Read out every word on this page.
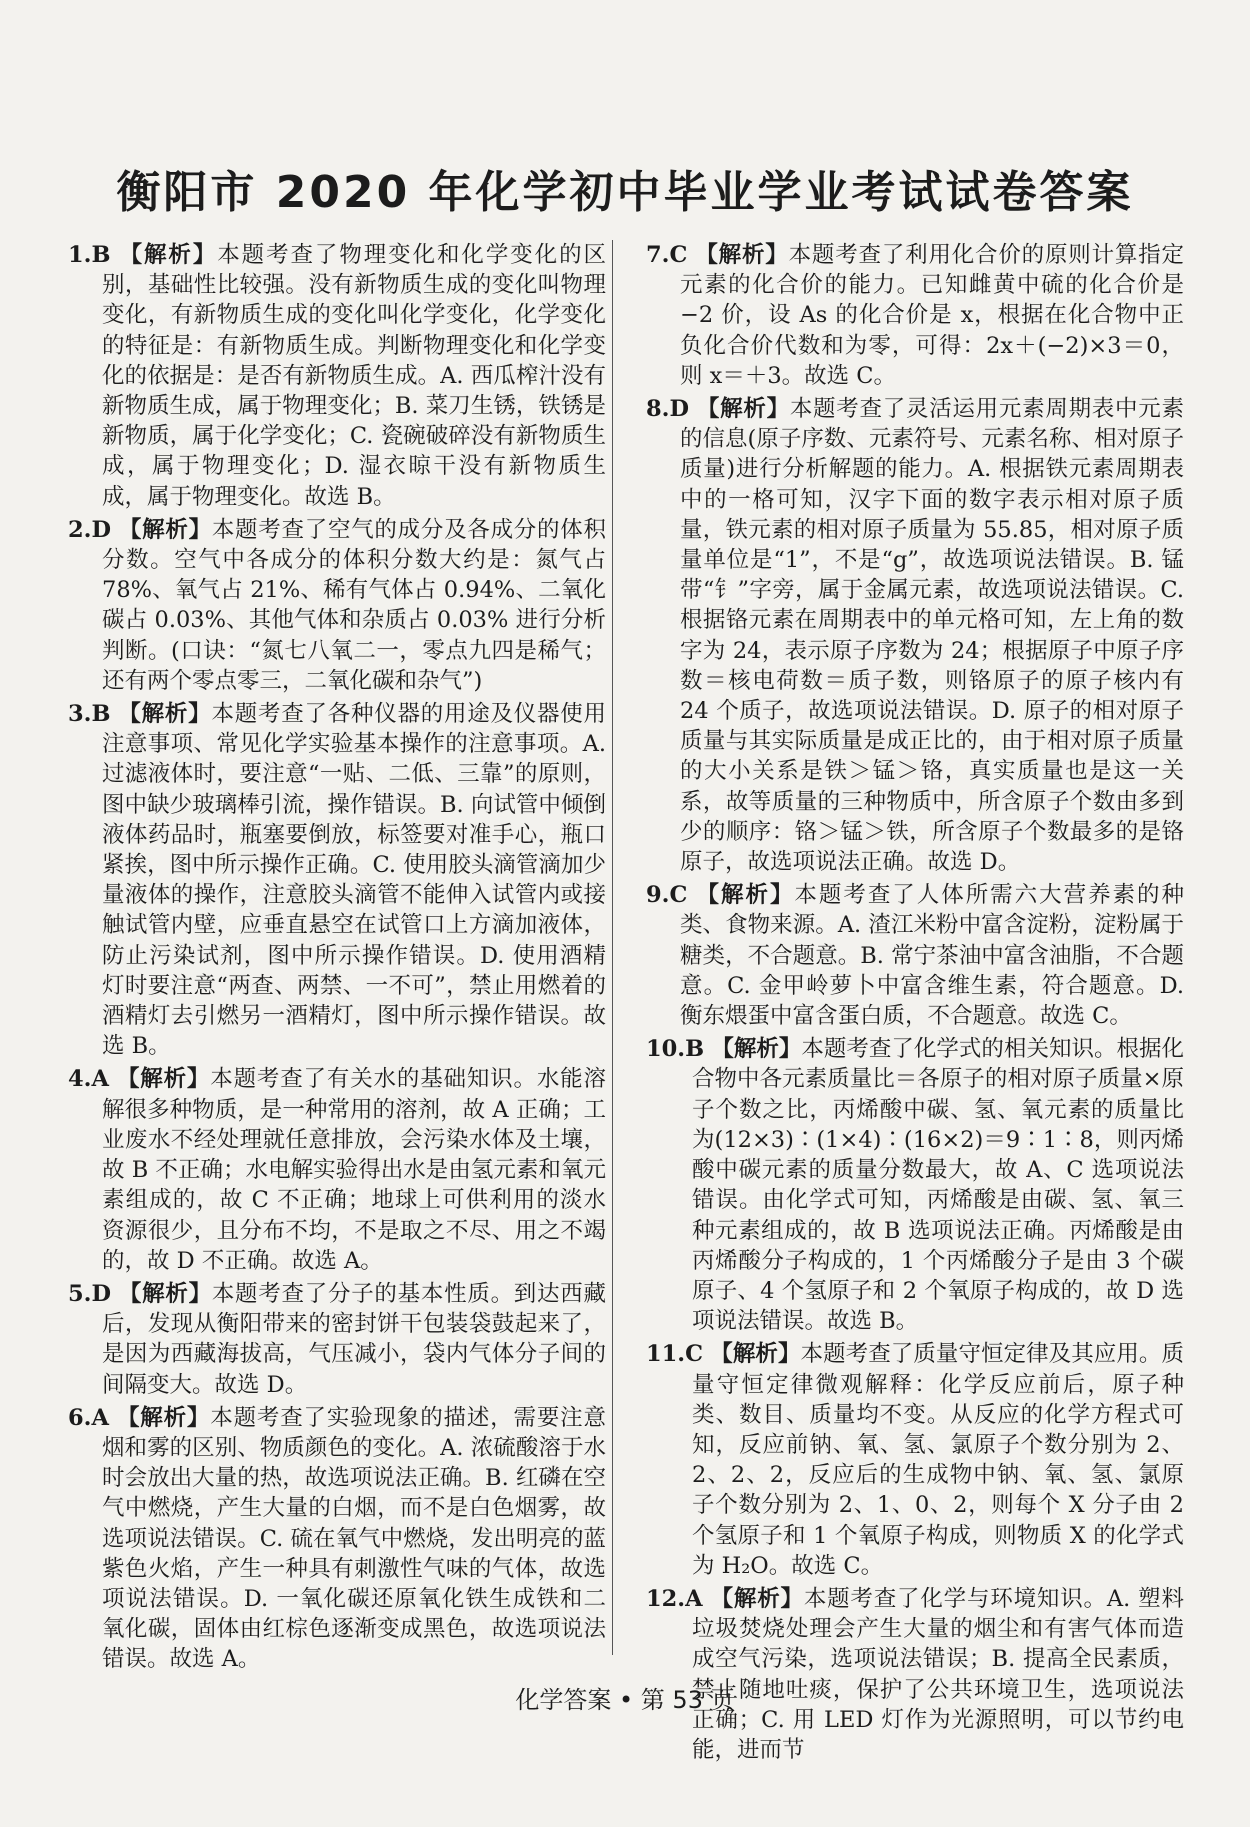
衡阳市 2020 年化学初中毕业学业考试试卷答案

1.B 【解析】本题考查了物理变化和化学变化的区别，基础性比较强。没有新物质生成的变化叫物理变化，有新物质生成的变化叫化学变化，化学变化的特征是：有新物质生成。判断物理变化和化学变化的依据是：是否有新物质生成。A. 西瓜榨汁没有新物质生成，属于物理变化；B. 菜刀生锈，铁锈是新物质，属于化学变化；C. 瓷碗破碎没有新物质生成，属于物理变化；D. 湿衣晾干没有新物质生成，属于物理变化。故选 B。

2.D 【解析】本题考查了空气的成分及各成分的体积分数。空气中各成分的体积分数大约是：氮气占 78%、氧气占 21%、稀有气体占 0.94%、二氧化碳占 0.03%、其他气体和杂质占 0.03% 进行分析判断。(口诀：“氮七八氧二一，零点九四是稀气；还有两个零点零三，二氧化碳和杂气”)

3.B 【解析】本题考查了各种仪器的用途及仪器使用注意事项、常见化学实验基本操作的注意事项。A. 过滤液体时，要注意“一贴、二低、三靠”的原则，图中缺少玻璃棒引流，操作错误。B. 向试管中倾倒液体药品时，瓶塞要倒放，标签要对准手心，瓶口紧挨，图中所示操作正确。C. 使用胶头滴管滴加少量液体的操作，注意胶头滴管不能伸入试管内或接触试管内壁，应垂直悬空在试管口上方滴加液体，防止污染试剂，图中所示操作错误。D. 使用酒精灯时要注意“两查、两禁、一不可”，禁止用燃着的酒精灯去引燃另一酒精灯，图中所示操作错误。故选 B。

4.A 【解析】本题考查了有关水的基础知识。水能溶解很多种物质，是一种常用的溶剂，故 A 正确；工业废水不经处理就任意排放，会污染水体及土壤，故 B 不正确；水电解实验得出水是由氢元素和氧元素组成的，故 C 不正确；地球上可供利用的淡水资源很少，且分布不均，不是取之不尽、用之不竭的，故 D 不正确。故选 A。

5.D 【解析】本题考查了分子的基本性质。到达西藏后，发现从衡阳带来的密封饼干包装袋鼓起来了，是因为西藏海拔高，气压减小，袋内气体分子间的间隔变大。故选 D。

6.A 【解析】本题考查了实验现象的描述，需要注意烟和雾的区别、物质颜色的变化。A. 浓硫酸溶于水时会放出大量的热，故选项说法正确。B. 红磷在空气中燃烧，产生大量的白烟，而不是白色烟雾，故选项说法错误。C. 硫在氧气中燃烧，发出明亮的蓝紫色火焰，产生一种具有刺激性气味的气体，故选项说法错误。D. 一氧化碳还原氧化铁生成铁和二氧化碳，固体由红棕色逐渐变成黑色，故选项说法错误。故选 A。

7.C 【解析】本题考查了利用化合价的原则计算指定元素的化合价的能力。已知雌黄中硫的化合价是 −2 价，设 As 的化合价是 x，根据在化合物中正负化合价代数和为零，可得：2x＋(−2)×3＝0，则 x＝＋3。故选 C。

8.D 【解析】本题考查了灵活运用元素周期表中元素的信息(原子序数、元素符号、元素名称、相对原子质量)进行分析解题的能力。A. 根据铁元素周期表中的一格可知，汉字下面的数字表示相对原子质量，铁元素的相对原子质量为 55.85，相对原子质量单位是“1”，不是“g”，故选项说法错误。B. 锰带“钅”字旁，属于金属元素，故选项说法错误。C. 根据铬元素在周期表中的单元格可知，左上角的数字为 24，表示原子序数为 24；根据原子中原子序数＝核电荷数＝质子数，则铬原子的原子核内有 24 个质子，故选项说法错误。D. 原子的相对原子质量与其实际质量是成正比的，由于相对原子质量的大小关系是铁＞锰＞铬，真实质量也是这一关系，故等质量的三种物质中，所含原子个数由多到少的顺序：铬＞锰＞铁，所含原子个数最多的是铬原子，故选项说法正确。故选 D。

9.C 【解析】本题考查了人体所需六大营养素的种类、食物来源。A. 渣江米粉中富含淀粉，淀粉属于糖类，不合题意。B. 常宁茶油中富含油脂，不合题意。C. 金甲岭萝卜中富含维生素，符合题意。D. 衡东煨蛋中富含蛋白质，不合题意。故选 C。

10.B 【解析】本题考查了化学式的相关知识。根据化合物中各元素质量比＝各原子的相对原子质量×原子个数之比，丙烯酸中碳、氢、氧元素的质量比为(12×3)∶(1×4)∶(16×2)＝9∶1∶8，则丙烯酸中碳元素的质量分数最大，故 A、C 选项说法错误。由化学式可知，丙烯酸是由碳、氢、氧三种元素组成的，故 B 选项说法正确。丙烯酸是由丙烯酸分子构成的，1 个丙烯酸分子是由 3 个碳原子、4 个氢原子和 2 个氧原子构成的，故 D 选项说法错误。故选 B。

11.C 【解析】本题考查了质量守恒定律及其应用。质量守恒定律微观解释：化学反应前后，原子种类、数目、质量均不变。从反应的化学方程式可知，反应前钠、氧、氢、氯原子个数分别为 2、2、2、2，反应后的生成物中钠、氧、氢、氯原子个数分别为 2、1、0、2，则每个 X 分子由 2 个氢原子和 1 个氧原子构成，则物质 X 的化学式为 H₂O。故选 C。

12.A 【解析】本题考查了化学与环境知识。A. 塑料垃圾焚烧处理会产生大量的烟尘和有害气体而造成空气污染，选项说法错误；B. 提高全民素质，禁止随地吐痰，保护了公共环境卫生，选项说法正确；C. 用 LED 灯作为光源照明，可以节约电能，进而节

化学答案 • 第 53 页
